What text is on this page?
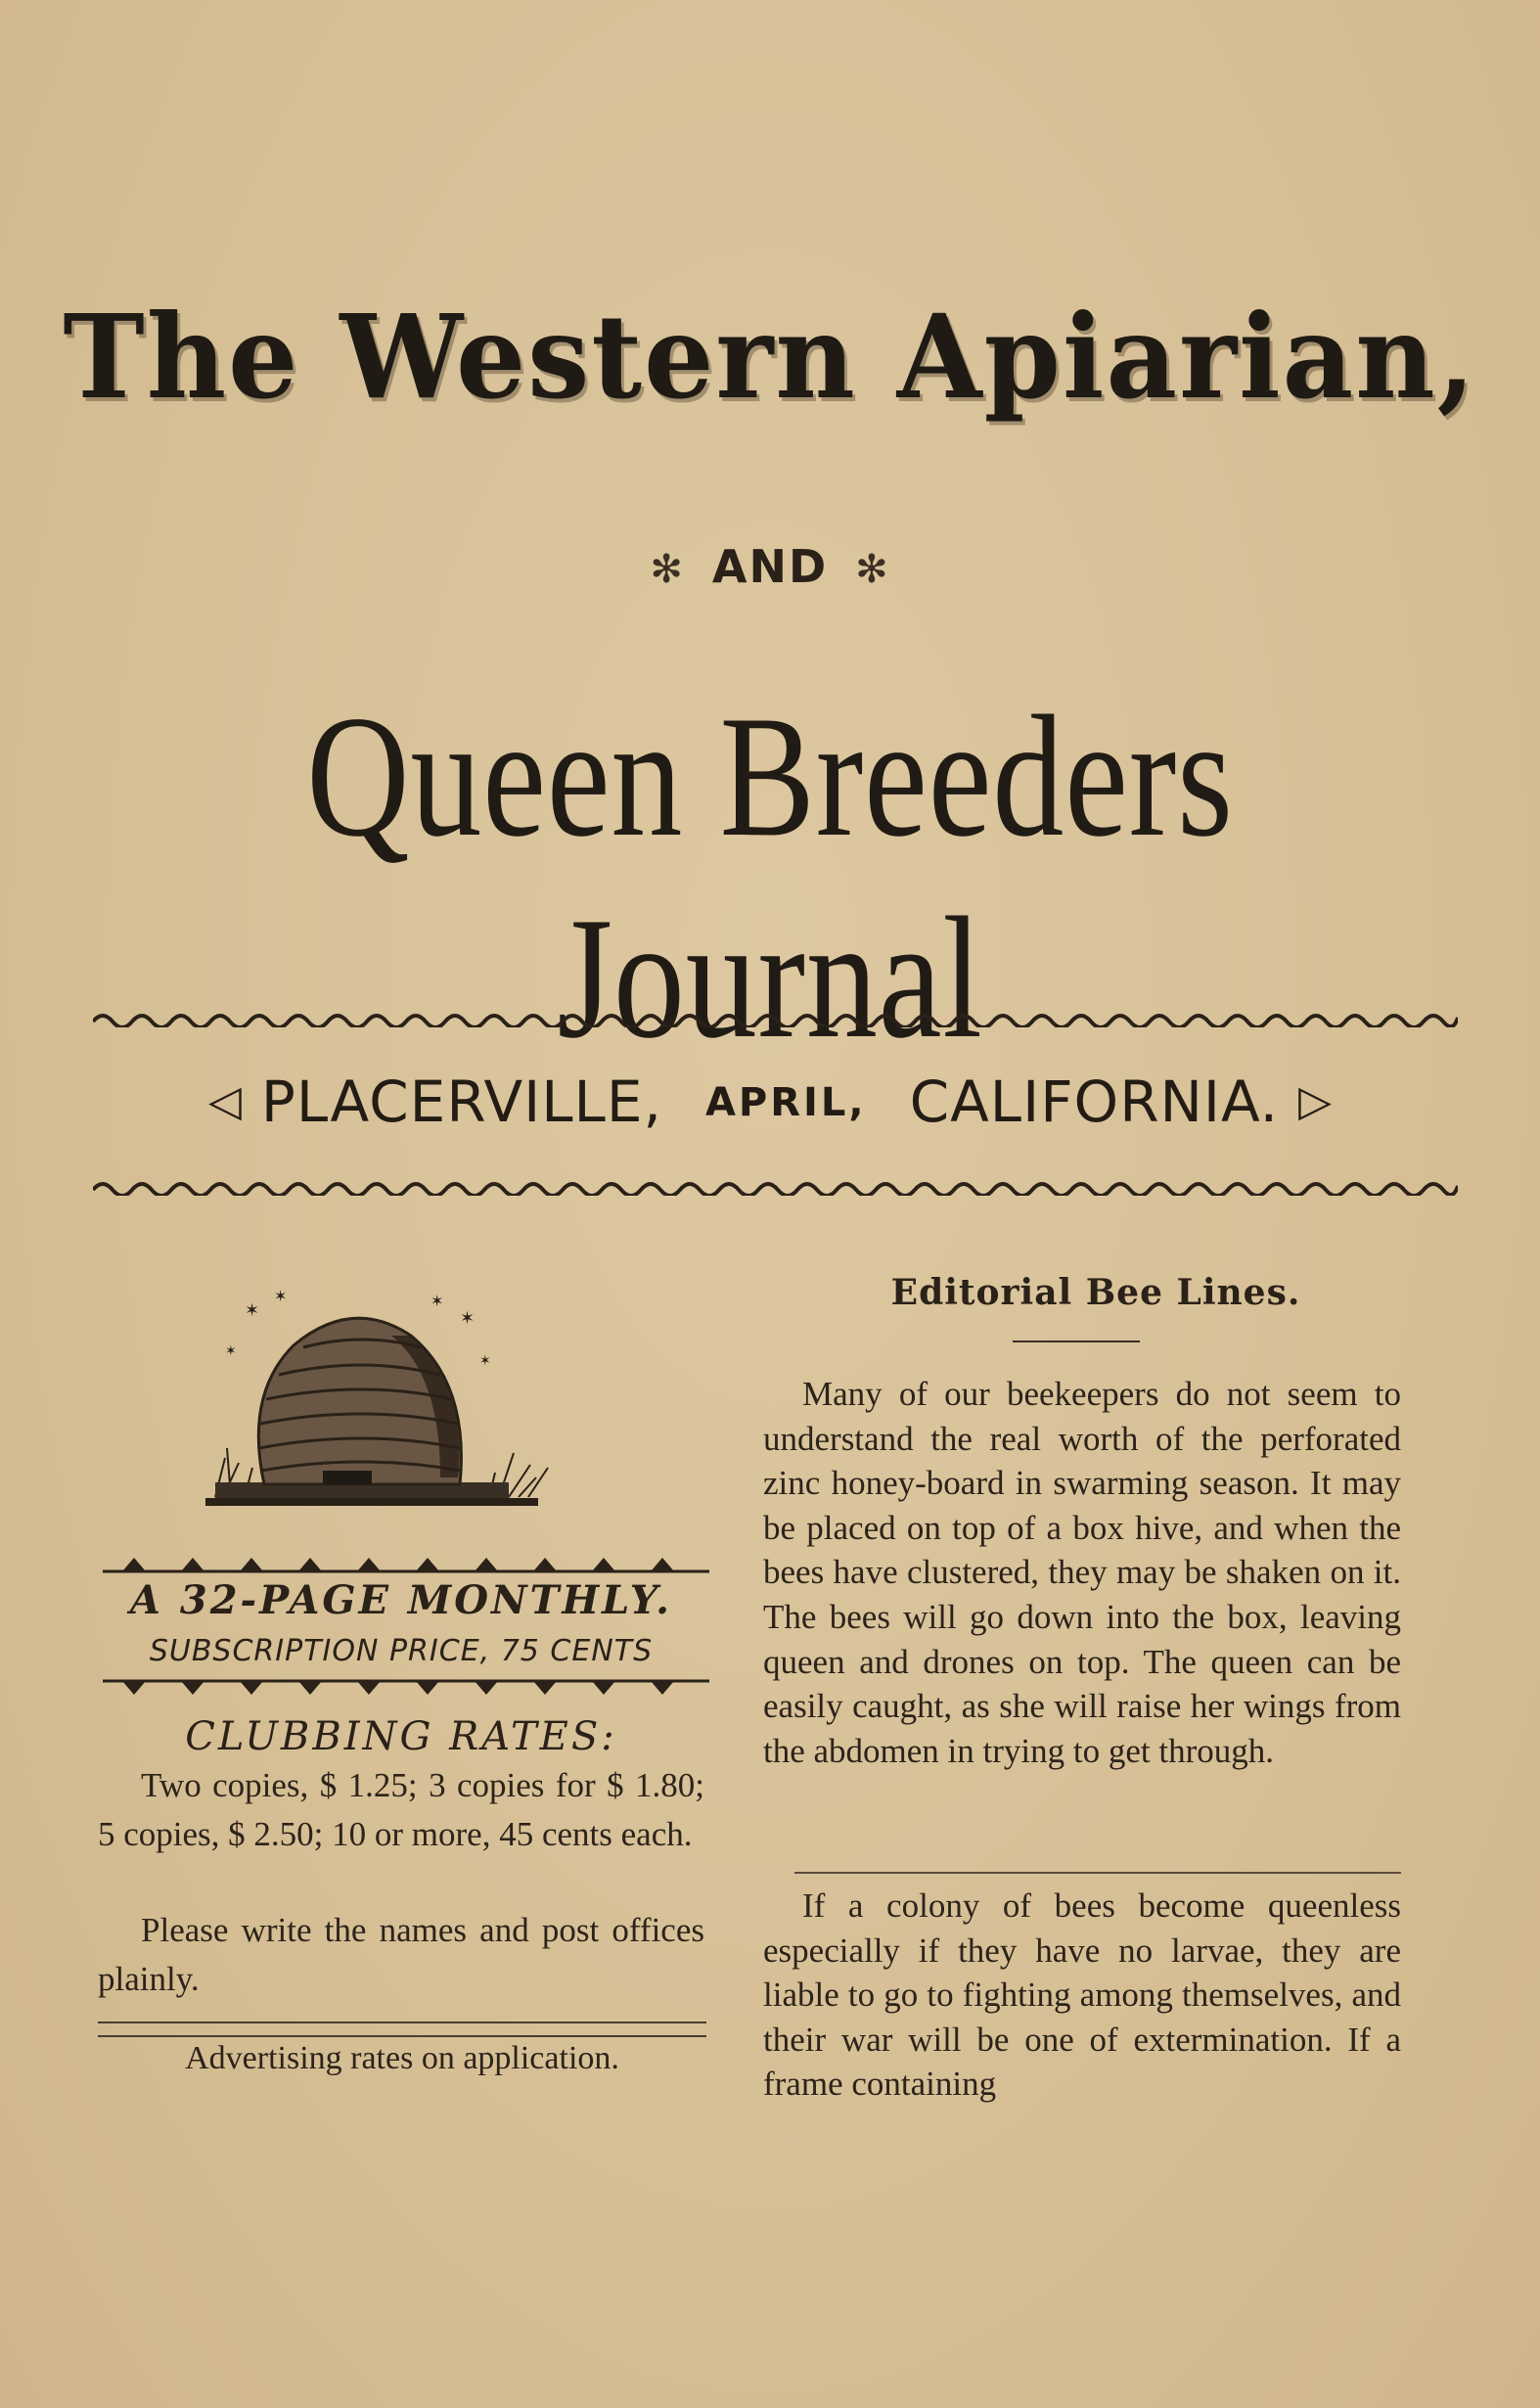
The Western Apiarian,
✻ AND ✻
Queen Breeders Journal
◁ PLACERVILLE, APRIL, CALIFORNIA. ▷
✶
✶	✶
✶
✶
✶
A 32-PAGE MONTHLY.
SUBSCRIPTION PRICE, 75 CENTS
CLUBBING RATES:
Two copies, $ 1.25; 3 copies for $ 1.80; 5 copies, $ 2.50; 10 or more, 45 cents each.
Please write the names and post offices plainly.
Advertising rates on application.
Editorial Bee Lines.
Many of our beekeepers do not seem to understand the real worth of the perforated zinc honey-board in swarming season. It may be placed on top of a box hive, and when the bees have clustered, they may be shaken on it. The bees will go down into the box, leaving queen and drones on top. The queen can be easily caught, as she will raise her wings from the abdomen in trying to get through.
If a colony of bees become queenless especially if they have no larvae, they are liable to go to fighting among themselves, and their war will be one of extermination. If a frame containing
